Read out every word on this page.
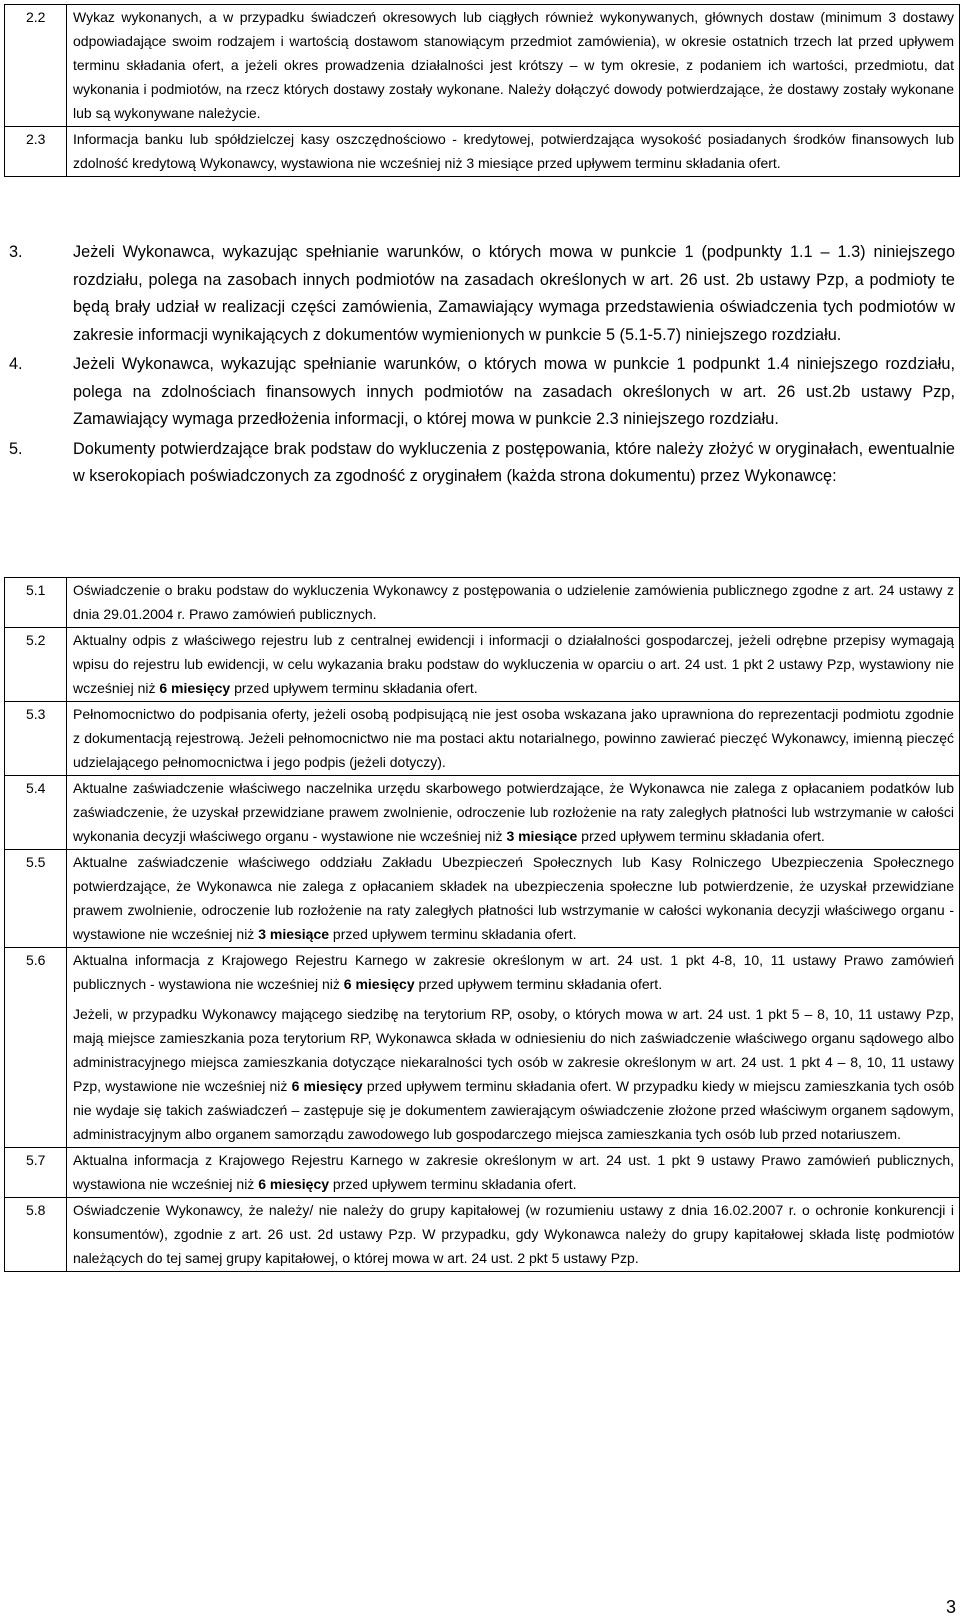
2.2	Wykaz wykonanych, a w przypadku świadczeń okresowych lub ciągłych również wykonywanych, głównych dostaw (minimum 3 dostawy odpowiadające swoim rodzajem i wartością dostawom stanowiącym przedmiot zamówienia), w okresie ostatnich trzech lat przed upływem terminu składania ofert, a jeżeli okres prowadzenia działalności jest krótszy – w tym okresie, z podaniem ich wartości, przedmiotu, dat wykonania i podmiotów, na rzecz których dostawy zostały wykonane. Należy dołączyć dowody potwierdzające, że dostawy zostały wykonane lub są wykonywane należycie.

2.3	Informacja banku lub spółdzielczej kasy oszczędnościowo - kredytowej, potwierdzająca wysokość posiadanych środków finansowych lub zdolność kredytową Wykonawcy, wystawiona nie wcześniej niż 3 miesiące przed upływem terminu składania ofert.

3.	Jeżeli Wykonawca, wykazując spełnianie warunków, o których mowa w punkcie 1 (podpunkty 1.1 – 1.3) niniejszego rozdziału, polega na zasobach innych podmiotów na zasadach określonych w art. 26 ust. 2b ustawy Pzp, a podmioty te będą brały udział w realizacji części zamówienia, Zamawiający wymaga przedstawienia oświadczenia tych podmiotów w zakresie informacji wynikających z dokumentów wymienionych w punkcie 5 (5.1-5.7) niniejszego rozdziału.

4.	Jeżeli Wykonawca, wykazując spełnianie warunków, o których mowa w punkcie 1 podpunkt 1.4 niniejszego rozdziału, polega na zdolnościach finansowych innych podmiotów na zasadach określonych w art. 26 ust.2b ustawy Pzp, Zamawiający wymaga przedłożenia informacji, o której mowa w punkcie 2.3 niniejszego rozdziału.

5.	Dokumenty potwierdzające brak podstaw do wykluczenia z postępowania, które należy złożyć w oryginałach, ewentualnie w kserokopiach poświadczonych za zgodność z oryginałem (każda strona dokumentu) przez Wykonawcę:

5.1	Oświadczenie o braku podstaw do wykluczenia Wykonawcy z postępowania o udzielenie zamówienia publicznego zgodne z art. 24 ustawy z dnia 29.01.2004 r. Prawo zamówień publicznych.

5.2	Aktualny odpis z właściwego rejestru lub z centralnej ewidencji i informacji o działalności gospodarczej, jeżeli odrębne przepisy wymagają wpisu do rejestru lub ewidencji, w celu wykazania braku podstaw do wykluczenia w oparciu o art. 24 ust. 1 pkt 2 ustawy Pzp, wystawiony nie wcześniej niż 6 miesięcy przed upływem terminu składania ofert.

5.3	Pełnomocnictwo do podpisania oferty, jeżeli osobą podpisującą nie jest osoba wskazana jako uprawniona do reprezentacji podmiotu zgodnie z dokumentacją rejestrową. Jeżeli pełnomocnictwo nie ma postaci aktu notarialnego, powinno zawierać pieczęć Wykonawcy, imienną pieczęć udzielającego pełnomocnictwa i jego podpis (jeżeli dotyczy).

5.4	Aktualne zaświadczenie właściwego naczelnika urzędu skarbowego potwierdzające, że Wykonawca nie zalega z opłacaniem podatków lub zaświadczenie, że uzyskał przewidziane prawem zwolnienie, odroczenie lub rozłożenie na raty zaległych płatności lub wstrzymanie w całości wykonania decyzji właściwego organu - wystawione nie wcześniej niż 3 miesiące przed upływem terminu składania ofert.

5.5	Aktualne zaświadczenie właściwego oddziału Zakładu Ubezpieczeń Społecznych lub Kasy Rolniczego Ubezpieczenia Społecznego potwierdzające, że Wykonawca nie zalega z opłacaniem składek na ubezpieczenia społeczne lub potwierdzenie, że uzyskał przewidziane prawem zwolnienie, odroczenie lub rozłożenie na raty zaległych płatności lub wstrzymanie w całości wykonania decyzji właściwego organu - wystawione nie wcześniej niż 3 miesiące przed upływem terminu składania ofert.

5.6	Aktualna informacja z Krajowego Rejestru Karnego w zakresie określonym w art. 24 ust. 1 pkt 4-8, 10, 11 ustawy Prawo zamówień publicznych - wystawiona nie wcześniej niż 6 miesięcy przed upływem terminu składania ofert.

Jeżeli, w przypadku Wykonawcy mającego siedzibę na terytorium RP, osoby, o których mowa w art. 24 ust. 1 pkt 5 – 8, 10, 11 ustawy Pzp, mają miejsce zamieszkania poza terytorium RP, Wykonawca składa w odniesieniu do nich zaświadczenie właściwego organu sądowego albo administracyjnego miejsca zamieszkania dotyczące niekaralności tych osób w zakresie określonym w art. 24 ust. 1 pkt 4 – 8, 10, 11 ustawy Pzp, wystawione nie wcześniej niż 6 miesięcy przed upływem terminu składania ofert. W przypadku kiedy w miejscu zamieszkania tych osób nie wydaje się takich zaświadczeń – zastępuje się je dokumentem zawierającym oświadczenie złożone przed właściwym organem sądowym, administracyjnym albo organem samorządu zawodowego lub gospodarczego miejsca zamieszkania tych osób lub przed notariuszem.

5.7	Aktualna informacja z Krajowego Rejestru Karnego w zakresie określonym w art. 24 ust. 1 pkt 9 ustawy Prawo zamówień publicznych, wystawiona nie wcześniej niż 6 miesięcy przed upływem terminu składania ofert.

5.8	Oświadczenie Wykonawcy, że należy/ nie należy do grupy kapitałowej (w rozumieniu ustawy z dnia 16.02.2007 r. o ochronie konkurencji i konsumentów), zgodnie z art. 26 ust. 2d ustawy Pzp. W przypadku, gdy Wykonawca należy do grupy kapitałowej składa listę podmiotów należących do tej samej grupy kapitałowej, o której mowa w art. 24 ust. 2 pkt 5 ustawy Pzp.

3
